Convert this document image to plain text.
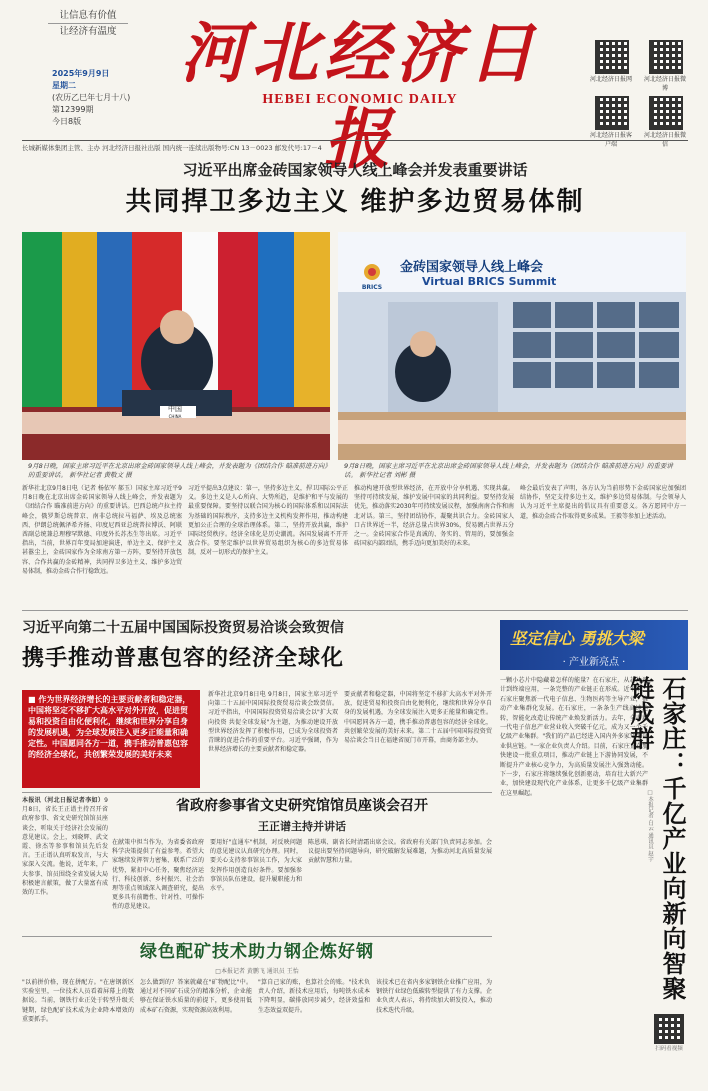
让信息有价值
让经济有温度
2025年9月9日
星期二
(农历乙巳年七月十八)
第12399期
今日8版
河北经济日报
HEBEI ECONOMIC DAILY
河北经济日报网	河北经济日报微博
河北经济日报客户端
河北经济日报微信
长城新媒体集团主管、主办 河北经济日报社出版 国内统一连续出版物号:CN 13－0023 邮发代号:17－4
习近平出席金砖国家领导人线上峰会并发表重要讲话
共同捍卫多边主义 维护多边贸易体制
中国
CHINA
金砖国家领导人线上峰会
Virtual BRICS Summit
BRICS
9月8日晚，国家主席习近平在北京出席金砖国家领导人线上峰会，并发表题为《团结合作 瞄准前进方向》的重要讲话。 新华社记者 黄敬文 摄
9月8日晚，国家主席习近平在北京出席金砖国家领导人线上峰会，并发表题为《团结合作 瞄准前进方向》的重要讲话。 新华社记者 刘彬 摄
新华社北京9月8日电（记者 杨依军 郝玉）国家主席习近平9月8日晚在北京出席金砖国家领导人线上峰会，并发表题为《团结合作 瞄准前进方向》的重要讲话。巴西总统卢拉主持峰会，俄罗斯总统普京、南非总统拉马福萨、埃及总统塞西、伊朗总统佩泽希齐扬、印度尼西亚总统普拉博沃、阿联酋副总统兼总理穆罕默德、印度外长苏杰生等出席。习近平指出，当前，世界百年变局加速演进，单边主义、保护主义甚嚣尘上，金砖国家作为全球南方第一方阵，要坚持开放包容、合作共赢的金砖精神，共同捍卫多边主义、维护多边贸易体制，推动金砖合作行稳致远。
习近平提出3点建议：第一，坚持多边主义，捍卫国际公平正义。多边主义是人心所向、大势所趋，是维护和平与发展的最重要保障。要坚持以联合国为核心的国际体系和以国际法为基础的国际秩序，支持多边主义机构发挥作用，推动构建更加公正合理的全球治理体系。第二，坚持开放共赢，维护国际经贸秩序。经济全球化是历史潮流。各国发展离不开开放合作。要坚定维护以世界贸易组织为核心的多边贸易体制，反对一切形式的保护主义。
推动构建开放型世界经济，在开放中分享机遇、实现共赢。坚持可持续发展，维护发展中国家的共同利益。要坚持发展优先，推动落实2030年可持续发展议程，加强南南合作和南北对话。第三，坚持团结协作，凝聚共识合力。金砖国家人口占世界近一半，经济总量占世界30%，贸易额占世界五分之一。金砖国家合作是真诚的、务实的、管用的，要加强金砖国家内部团结，携手迈向更加美好的未来。
峰会最后发表了声明，各方认为当前形势下金砖国家应加强团结协作，坚定支持多边主义，维护多边贸易体制。与会领导人认为习近平主席提出的倡议具有重要意义。各方愿同中方一道，推动金砖合作取得更多成果。王毅等参加上述活动。
习近平向第二十五届中国国际投资贸易洽谈会致贺信
携手推动普惠包容的经济全球化
■ 作为世界经济增长的主要贡献者和稳定器，中国将坚定不移扩大高水平对外开放，促进贸易和投资自由化便利化，继续和世界分享自身的发展机遇，为全球发展注入更多正能量和确定性。中国愿同各方一道，携手推动普惠包容的经济全球化，共创繁荣发展的美好未来
新华社北京9月8日电 9月8日，国家主席习近平向第二十五届中国国际投资贸易洽谈会致贺信。习近平指出，中国国际投资贸易洽谈会以"扩大双向投资 共促全球发展"为主题，为推动建设开放型世界经济发挥了积极作用，已成为全球投资者青睐的促进合作的重要平台。习近平强调，作为世界经济增长的主要贡献者和稳定器。
要贡献者和稳定器，中国将坚定不移扩大高水平对外开放，促进贸易和投资自由化便利化，继续和世界分享自身的发展机遇，为全球发展注入更多正能量和确定性。中国愿同各方一道，携手推动普惠包容的经济全球化，共创繁荣发展的美好未来。第二十五届中国国际投资贸易洽谈会当日在福建省厦门市开幕，由商务部主办。
本报讯（河北日报记者李如）9月8日，省长王正谱主持召开省政府参事、省文史研究馆馆员座谈会，听取关于经济社会发展的意见建议。会上，刘晓辉、武文霞、徐杰等参事和馆员先后发言。王正谱认真听取发言，与大家深入交流。他说，近年来，广大参事、馆员围绕全省发展大局积极建言献策，做了大量富有成效的工作。
省政府参事省文史研究馆馆员座谈会召开
王正谱主持并讲话
在献策中担当作为，为省委省政府科学决策提供了有益参考。希望大家继续发挥智力密集、联系广泛的优势，紧扣中心任务，聚焦经济运行、科技创新、乡村振兴、社会治理等重点领域深入调查研究，提出更多具有前瞻性、针对性、可操作性的意见建议。
要用好"直通车"机制，对反映问题的意见建议认真研究办理。同时，要关心支持参事馆员工作，为大家发挥作用创造良好条件。要加强参事馆员队伍建设，提升履职能力和水平。
陈恩琪、副省长时清霜出席会议。省政府有关部门负责同志参加。会议提出要坚持问题导向，研究破解发展难题，为推动河北高质量发展贡献智慧和力量。
绿色配矿技术助力钢企炼好钢
□本报记者 黄鹏飞 通讯员 王怡
"以前拼价格，现在拼配方。"在唐钢新区实验室里，一位技术人员看着屏幕上的数据说。当前，钢铁行业正处于转型升级关键期，绿色配矿技术成为企业降本增效的重要抓手。
怎么做到的？答案就藏在"矿物配比"中。通过对不同矿石成分的精准分析，企业能够在保证铁水质量的前提下，更多使用低成本矿石资源，实现资源高效利用。
"算自己家的账，也算社会的账。"技术负责人介绍，新技术应用后，每吨铁水成本下降明显，碳排放同步减少，经济效益和生态效益双提升。
该技术已在省内多家钢铁企业推广应用，为钢铁行业绿色低碳转型提供了有力支撑。企业负责人表示，将持续加大研发投入，推动技术迭代升级。
坚定信心 勇挑大梁
· 产业新亮点 ·
一颗小芯片中隐藏着怎样的能量？在石家庄，从芯片设计到终端应用，一条完整的产业链正在形成。近年来，石家庄聚焦新一代电子信息、生物医药等主导产业，推动产业集群化发展。在石家庄，一条条生产线高速运转，智能化改造让传统产业焕发新活力。去年，全市新一代电子信息产业营业收入突破千亿元，成为又一个千亿级产业集群。"我们的产品已经进入国内外多家知名企业供应链。"一家企业负责人介绍。目前，石家庄正在加快建设一批重点项目，推动产业链上下游协同发展，不断提升产业核心竞争力，为高质量发展注入强劲动能。下一步，石家庄将继续强化创新驱动，培育壮大新兴产业，加快建设现代化产业体系，让更多千亿级产业集群在这里崛起。	石家庄：千亿产业向新向智聚链成群
□本报记者 白云 通讯员 赵宇
扫码看视频
